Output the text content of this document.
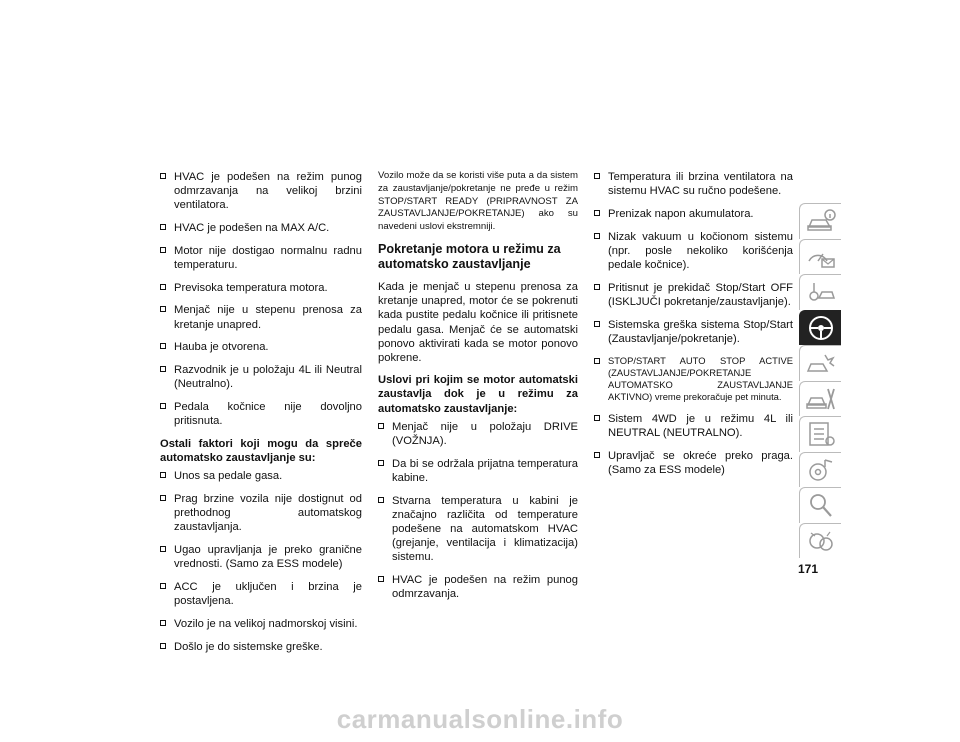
HVAC je podešen na režim punog odmrzavanja na velikoj brzini ventilatora.
HVAC je podešen na MAX A/C.
Motor nije dostigao normalnu radnu temperaturu.
Previsoka temperatura motora.
Menjač nije u stepenu prenosa za kretanje unapred.
Hauba je otvorena.
Razvodnik je u položaju 4L ili Neutral (Neutralno).
Pedala kočnice nije dovoljno pritisnuta.
Ostali faktori koji mogu da spreče automatsko zaustavljanje su:
Unos sa pedale gasa.
Prag brzine vozila nije dostignut od prethodnog automatskog zaustavljanja.
Ugao upravljanja je preko granične vrednosti. (Samo za ESS modele)
ACC je uključen i brzina je postavljena.
Vozilo je na velikoj nadmorskoj visini.
Došlo je do sistemske greške.
Vozilo može da se koristi više puta a da sistem za zaustavljanje/pokretanje ne pređe u režim STOP/START READY (PRIPRAVNOST ZA ZAUSTAVLJANJE/POKRETANJE) ako su navedeni uslovi ekstremniji.
Pokretanje motora u režimu za automatsko zaustavljanje
Kada je menjač u stepenu prenosa za kretanje unapred, motor će se pokrenuti kada pustite pedalu kočnice ili pritisnete pedalu gasa. Menjač će se automatski ponovo aktivirati kada se motor ponovo pokrene.
Uslovi pri kojim se motor automatski zaustavlja dok je u režimu za automatsko zaustavljanje:
Menjač nije u položaju DRIVE (VOŽNJA).
Da bi se održala prijatna temperatura kabine.
Stvarna temperatura u kabini je značajno različita od temperature podešene na automatskom HVAC (grejanje, ventilacija i klimatizacija) sistemu.
HVAC je podešen na režim punog odmrzavanja.
Temperatura ili brzina ventilatora na sistemu HVAC su ručno podešene.
Prenizak napon akumulatora.
Nizak vakuum u kočionom sistemu (npr. posle nekoliko korišćenja pedale kočnice).
Pritisnut je prekidač Stop/Start OFF (ISKLJUČI pokretanje/zaustavljanje).
Sistemska greška sistema Stop/Start (Zaustavljanje/pokretanje).
STOP/START AUTO STOP ACTIVE (ZAUSTAVLJANJE/POKRETANJE AUTOMATSKO ZAUSTAVLJANJE AKTIVNO) vreme prekoračuje pet minuta.
Sistem 4WD je u režimu 4L ili NEUTRAL (NEUTRALNO).
Upravljač se okreće preko praga. (Samo za ESS modele)
171
carmanualsonline.info
